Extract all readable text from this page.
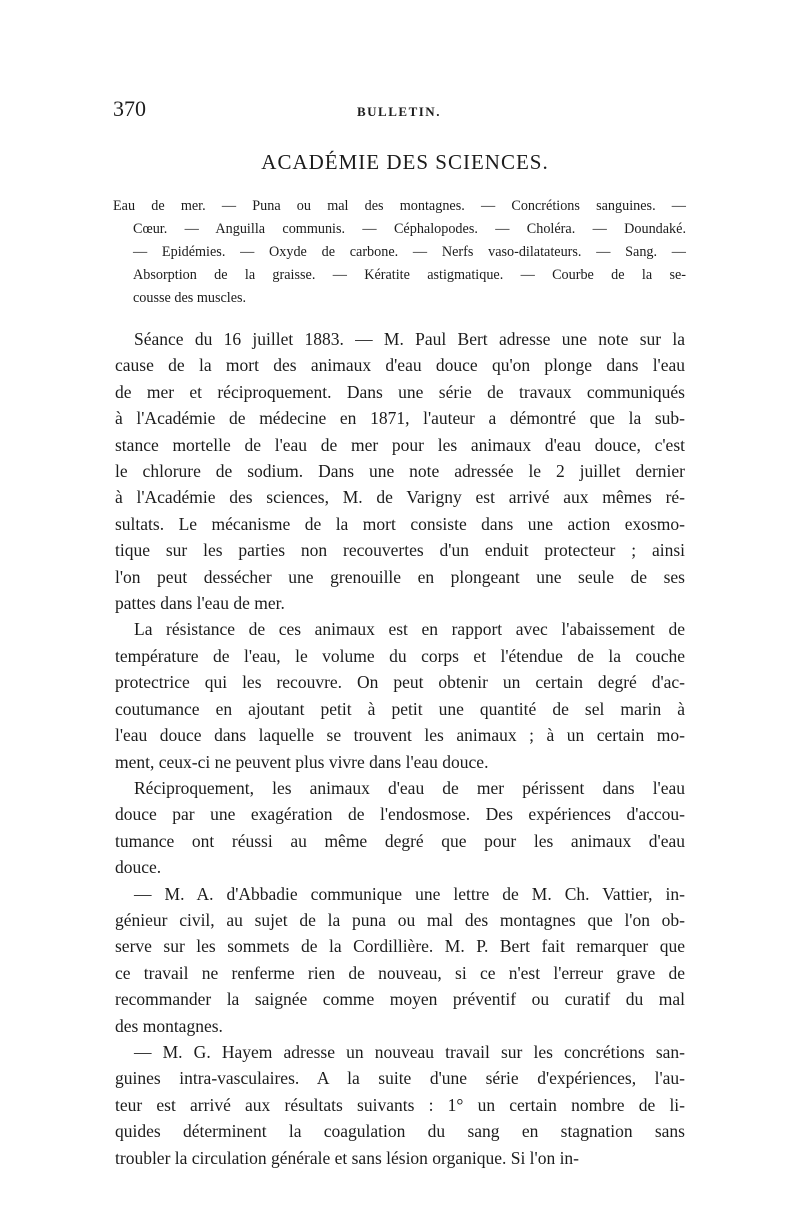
370	BULLETIN.
ACADÉMIE DES SCIENCES.
Eau de mer. — Puna ou mal des montagnes. — Concrétions sanguines. —
Cœur. — Anguilla communis. — Céphalopodes. — Choléra. — Doundaké.
— Epidémies. — Oxyde de carbone. — Nerfs vaso-dilatateurs. — Sang. —
Absorption de la graisse. — Kératite astigmatique. — Courbe de la se-
cousse des muscles.
Séance du 16 juillet 1883. — M. Paul Bert adresse une note sur la
cause de la mort des animaux d'eau douce qu'on plonge dans l'eau
de mer et réciproquement. Dans une série de travaux communiqués
à l'Académie de médecine en 1871, l'auteur a démontré que la sub-
stance mortelle de l'eau de mer pour les animaux d'eau douce, c'est
le chlorure de sodium. Dans une note adressée le 2 juillet dernier
à l'Académie des sciences, M. de Varigny est arrivé aux mêmes ré-
sultats. Le mécanisme de la mort consiste dans une action exosmo-
tique sur les parties non recouvertes d'un enduit protecteur ; ainsi
l'on peut dessécher une grenouille en plongeant une seule de ses
pattes dans l'eau de mer.
La résistance de ces animaux est en rapport avec l'abaissement de
température de l'eau, le volume du corps et l'étendue de la couche
protectrice qui les recouvre. On peut obtenir un certain degré d'ac-
coutumance en ajoutant petit à petit une quantité de sel marin à
l'eau douce dans laquelle se trouvent les animaux ; à un certain mo-
ment, ceux-ci ne peuvent plus vivre dans l'eau douce.
Réciproquement, les animaux d'eau de mer périssent dans l'eau
douce par une exagération de l'endosmose. Des expériences d'accou-
tumance ont réussi au même degré que pour les animaux d'eau
douce.
— M. A. d'Abbadie communique une lettre de M. Ch. Vattier, in-
génieur civil, au sujet de la puna ou mal des montagnes que l'on ob-
serve sur les sommets de la Cordillière. M. P. Bert fait remarquer que
ce travail ne renferme rien de nouveau, si ce n'est l'erreur grave de
recommander la saignée comme moyen préventif ou curatif du mal
des montagnes.
— M. G. Hayem adresse un nouveau travail sur les concrétions san-
guines intra-vasculaires. A la suite d'une série d'expériences, l'au-
teur est arrivé aux résultats suivants : 1° un certain nombre de li-
quides déterminent la coagulation du sang en stagnation sans
troubler la circulation générale et sans lésion organique. Si l'on in-
